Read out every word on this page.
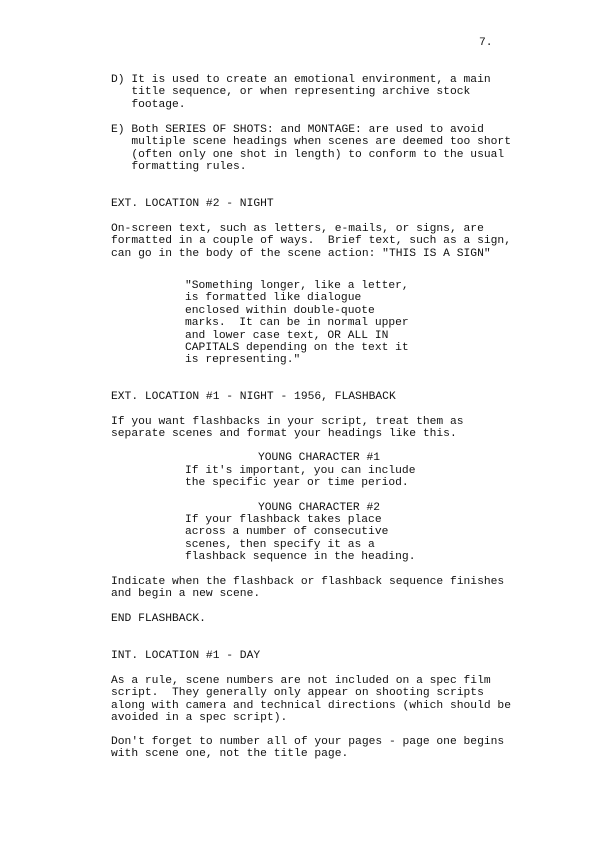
7.
D) It is used to create an emotional environment, a main
title sequence, or when representing archive stock
footage.
E) Both SERIES OF SHOTS: and MONTAGE: are used to avoid
multiple scene headings when scenes are deemed too short
(often only one shot in length) to conform to the usual
formatting rules.
EXT. LOCATION #2 - NIGHT
On-screen text, such as letters, e-mails, or signs, are
formatted in a couple of ways.  Brief text, such as a sign,
can go in the body of the scene action: "THIS IS A SIGN"
"Something longer, like a letter,
is formatted like dialogue
enclosed within double-quote
marks.  It can be in normal upper
and lower case text, OR ALL IN
CAPITALS depending on the text it
is representing."
EXT. LOCATION #1 - NIGHT - 1956, FLASHBACK
If you want flashbacks in your script, treat them as
separate scenes and format your headings like this.
YOUNG CHARACTER #1
If it's important, you can include
the specific year or time period.
YOUNG CHARACTER #2
If your flashback takes place
across a number of consecutive
scenes, then specify it as a
flashback sequence in the heading.
Indicate when the flashback or flashback sequence finishes
and begin a new scene.
END FLASHBACK.
INT. LOCATION #1 - DAY
As a rule, scene numbers are not included on a spec film
script.  They generally only appear on shooting scripts
along with camera and technical directions (which should be
avoided in a spec script).
Don't forget to number all of your pages - page one begins
with scene one, not the title page.
